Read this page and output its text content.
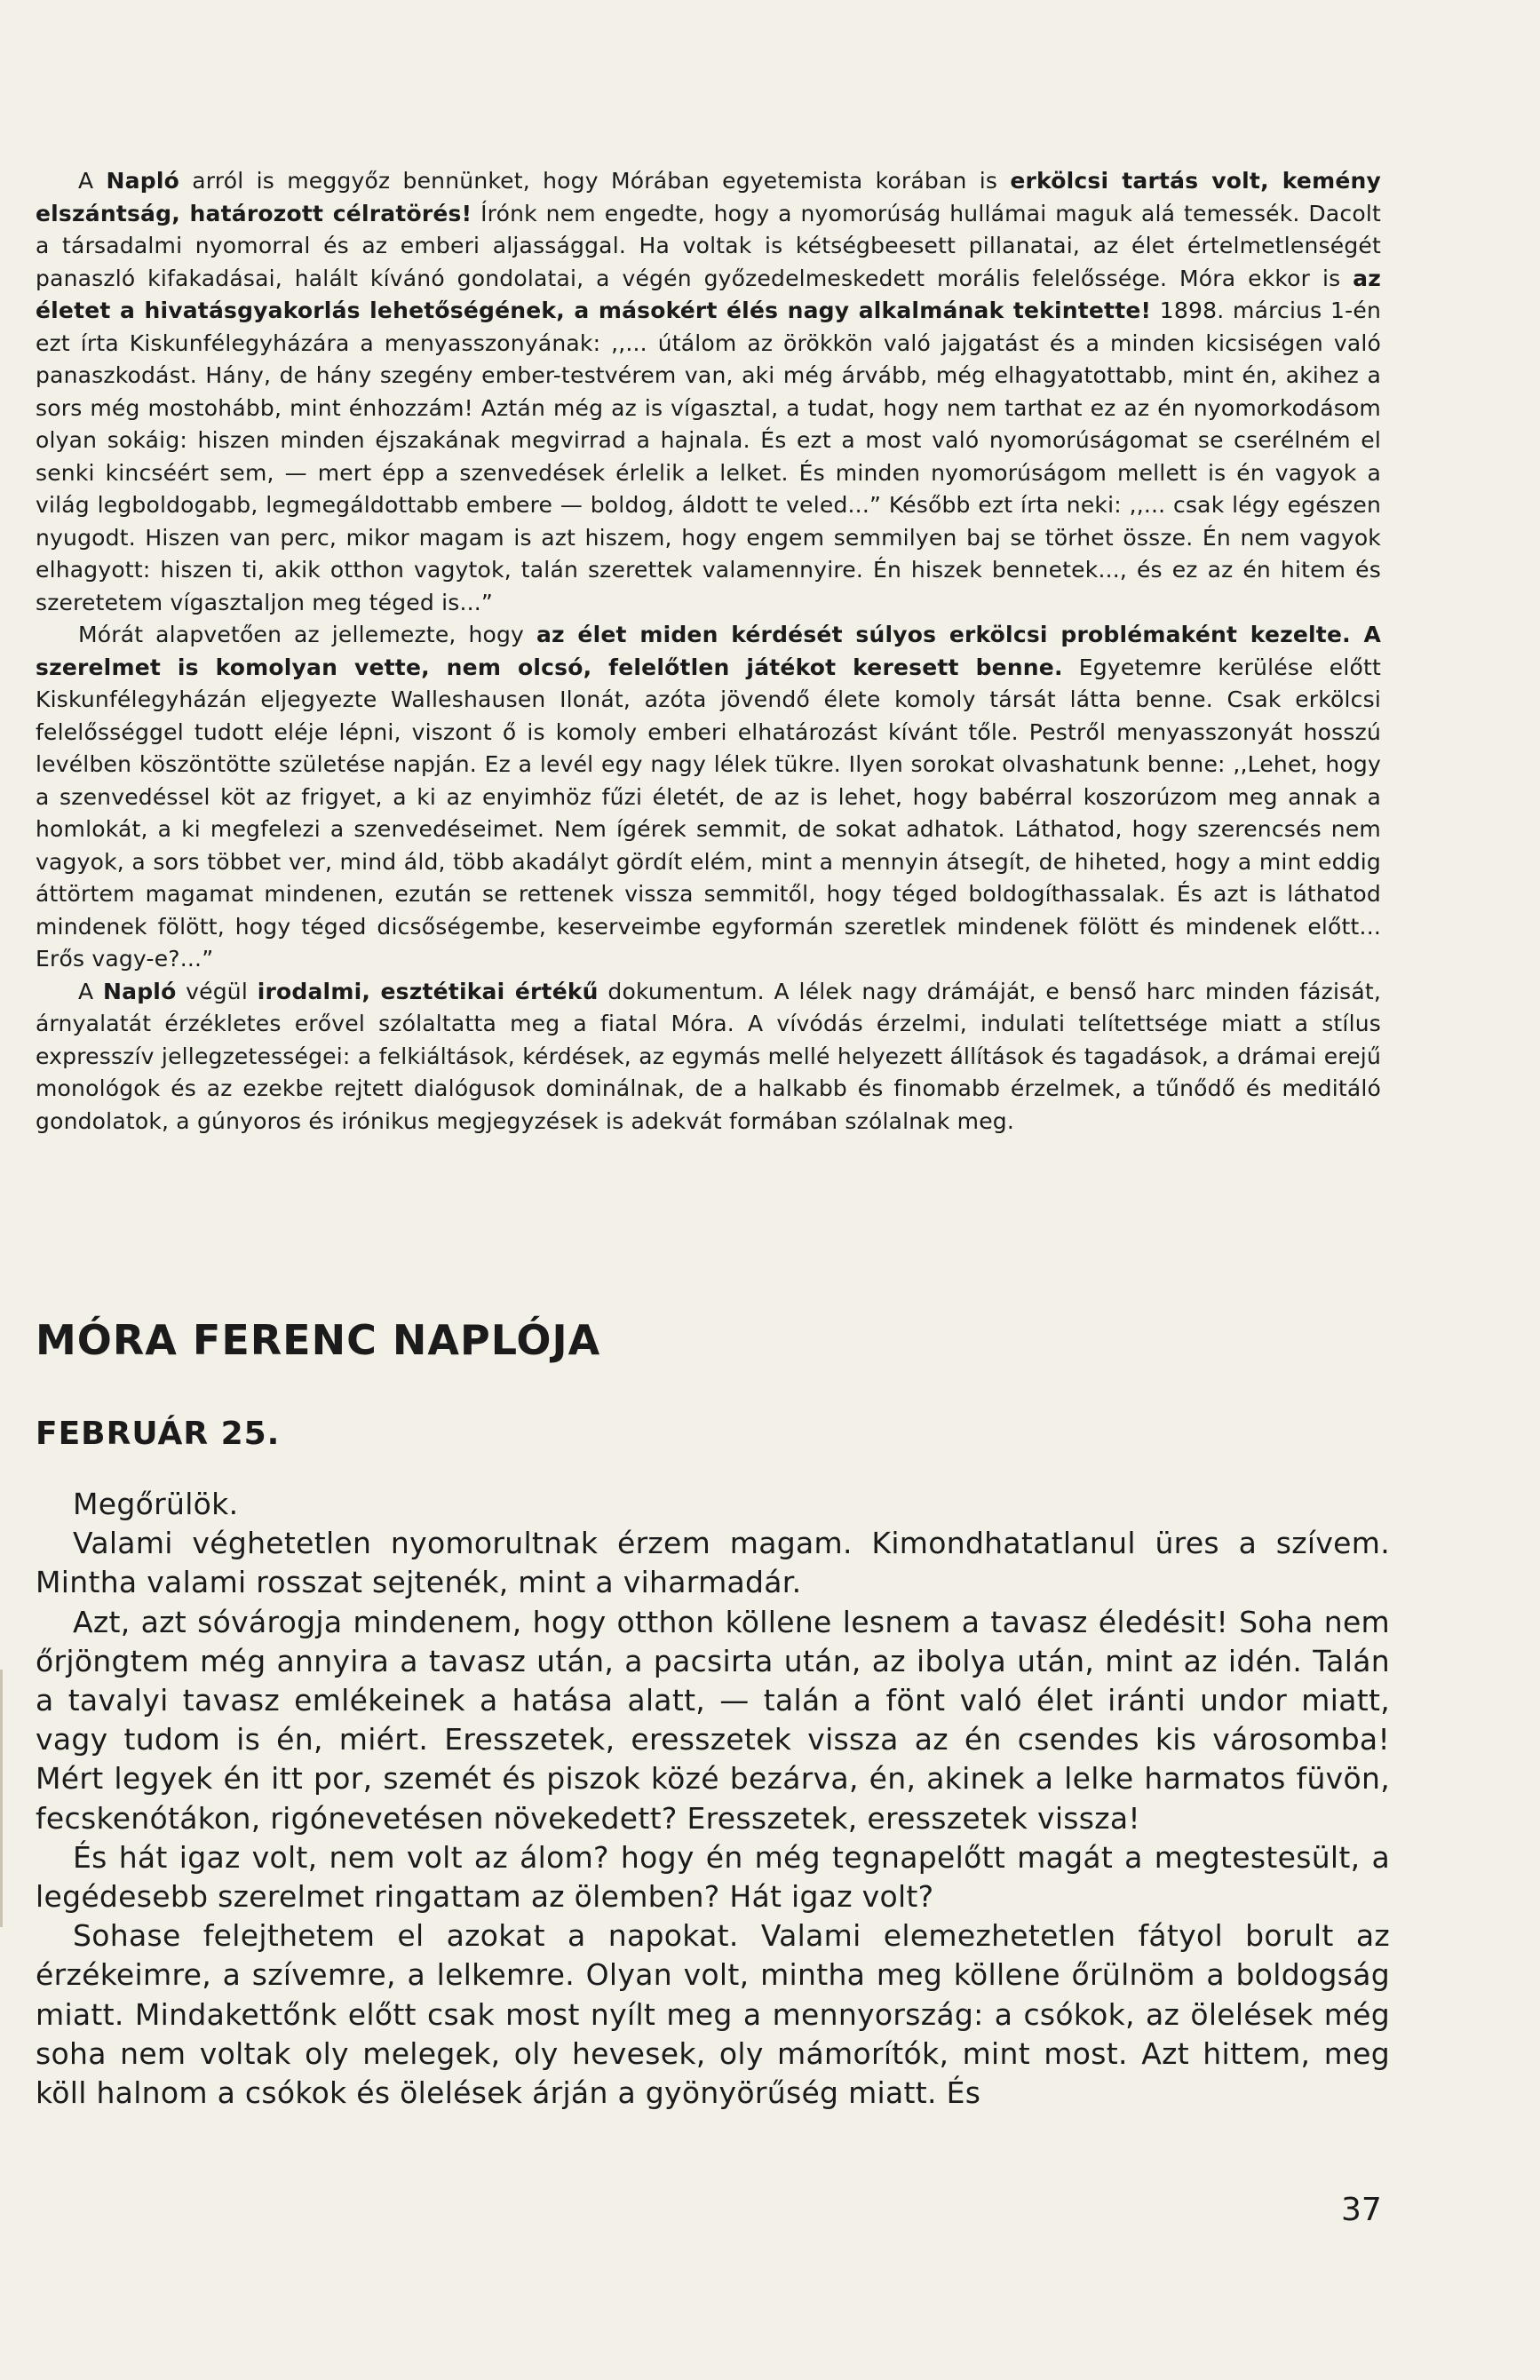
A Napló arról is meggyőz bennünket, hogy Mórában egyetemista korában is erkölcsi tartás volt, kemény elszántság, határozott célratörés! Írónk nem engedte, hogy a nyomorúság hullámai maguk alá temessék. Dacolt a társadalmi nyomorral és az emberi aljassággal. Ha voltak is kétségbeesett pillanatai, az élet értelmetlenségét panaszló kifakadásai, halált kívánó gondolatai, a végén győzedelmeskedett morális felelőssége. Móra ekkor is az életet a hivatásgyakorlás lehetőségének, a másokért élés nagy alkalmának tekintette! 1898. március 1-én ezt írta Kiskunfélegyházára a menyasszonyának: ,,... útálom az örökkön való jajgatást és a minden kicsiségen való panaszkodást. Hány, de hány szegény ember-testvérem van, aki még árvább, még elhagyatottabb, mint én, akihez a sors még mostohább, mint énhozzám! Aztán még az is vígasztal, a tudat, hogy nem tarthat ez az én nyomorkodásom olyan sokáig: hiszen minden éjszakának megvirrad a hajnala. És ezt a most való nyomorúságomat se cserélném el senki kincséért sem, — mert épp a szenvedések érlelik a lelket. És minden nyomorúságom mellett is én vagyok a világ legboldogabb, legmegáldottabb embere — boldog, áldott te veled...” Később ezt írta neki: ,,... csak légy egészen nyugodt. Hiszen van perc, mikor magam is azt hiszem, hogy engem semmilyen baj se törhet össze. Én nem vagyok elhagyott: hiszen ti, akik otthon vagytok, talán szerettek valamennyire. Én hiszek bennetek..., és ez az én hitem és szeretetem vígasztaljon meg téged is...”

Mórát alapvetően az jellemezte, hogy az élet miden kérdését súlyos erkölcsi problémaként kezelte. A szerelmet is komolyan vette, nem olcsó, felelőtlen játékot keresett benne. Egyetemre kerülése előtt Kiskunfélegyházán eljegyezte Walleshausen Ilonát, azóta jövendő élete komoly társát látta benne. Csak erkölcsi felelősséggel tudott eléje lépni, viszont ő is komoly emberi elhatározást kívánt tőle. Pestről menyasszonyát hosszú levélben köszöntötte születése napján. Ez a levél egy nagy lélek tükre. Ilyen sorokat olvashatunk benne: ,,Lehet, hogy a szenvedéssel köt az frigyet, a ki az enyimhöz fűzi életét, de az is lehet, hogy babérral koszorúzom meg annak a homlokát, a ki megfelezi a szenvedéseimet. Nem ígérek semmit, de sokat adhatok. Láthatod, hogy szerencsés nem vagyok, a sors többet ver, mind áld, több akadályt gördít elém, mint a mennyin átsegít, de hiheted, hogy a mint eddig áttörtem magamat mindenen, ezután se rettenek vissza semmitől, hogy téged boldogíthassalak. És azt is láthatod mindenek fölött, hogy téged dicsőségembe, keserveimbe egyformán szeretlek mindenek fölött és mindenek előtt... Erős vagy-e?...”

A Napló végül irodalmi, esztétikai értékű dokumentum. A lélek nagy drámáját, e benső harc minden fázisát, árnyalatát érzékletes erővel szólaltatta meg a fiatal Móra. A vívódás érzelmi, indulati telítettsége miatt a stílus expresszív jellegzetességei: a felkiáltások, kérdések, az egymás mellé helyezett állítások és tagadások, a drámai erejű monológok és az ezekbe rejtett dialógusok dominálnak, de a halkabb és finomabb érzelmek, a tűnődő és meditáló gondolatok, a gúnyoros és irónikus megjegyzések is adekvát formában szólalnak meg.

MÓRA FERENC NAPLÓJA
FEBRUÁR 25.

Megőrülök.

Valami véghetetlen nyomorultnak érzem magam. Kimondhatatlanul üres a szívem. Mintha valami rosszat sejtenék, mint a viharmadár.

Azt, azt sóvárogja mindenem, hogy otthon köllene lesnem a tavasz éledésit! Soha nem őrjöngtem még annyira a tavasz után, a pacsirta után, az ibolya után, mint az idén. Talán a tavalyi tavasz emlékeinek a hatása alatt, — talán a fönt való élet iránti undor miatt, vagy tudom is én, miért. Eresszetek, eresszetek vissza az én csendes kis városomba! Mért legyek én itt por, szemét és piszok közé bezárva, én, akinek a lelke harmatos füvön, fecskenótákon, rigónevetésen növekedett? Eresszetek, eresszetek vissza!

És hát igaz volt, nem volt az álom? hogy én még tegnapelőtt magát a megtestesült, a legédesebb szerelmet ringattam az ölemben? Hát igaz volt?

Sohase felejthetem el azokat a napokat. Valami elemezhetetlen fátyol borult az érzékeimre, a szívemre, a lelkemre. Olyan volt, mintha meg köllene őrülnöm a boldogság miatt. Mindakettőnk előtt csak most nyílt meg a mennyország: a csókok, az ölelések még soha nem voltak oly melegek, oly hevesek, oly mámorítók, mint most. Azt hittem, meg köll halnom a csókok és ölelések árján a gyönyörűség miatt. És

37
